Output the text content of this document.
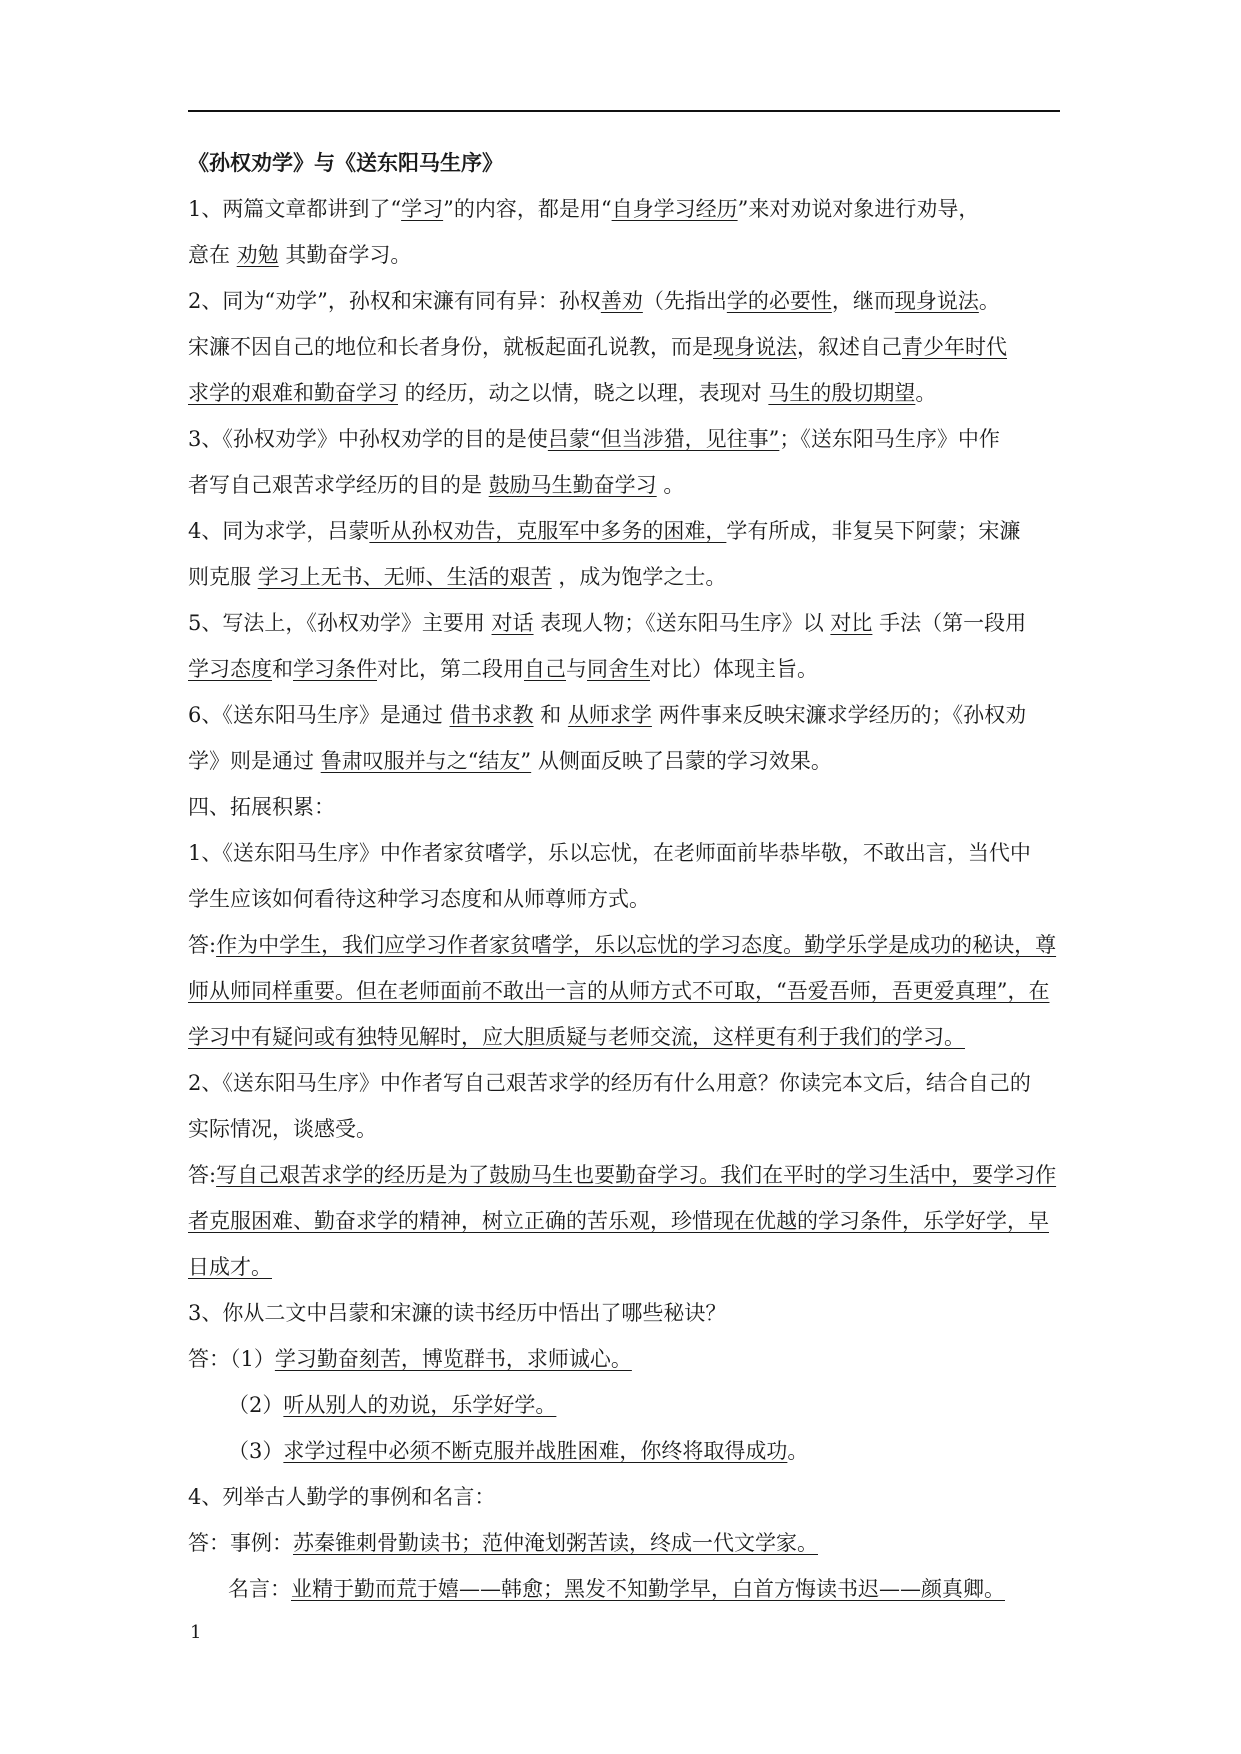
《孙权劝学》与《送东阳马生序》

1、两篇文章都讲到了“学习”的内容，都是用“自身学习经历”来对劝说对象进行劝导，

意在 劝勉 其勤奋学习。

2、同为“劝学”，孙权和宋濂有同有异：孙权善劝（先指出学的必要性，继而现身说法。

宋濂不因自己的地位和长者身份，就板起面孔说教，而是现身说法，叙述自己青少年时代

求学的艰难和勤奋学习 的经历，动之以情，晓之以理，表现对 马生的殷切期望。

3、《孙权劝学》中孙权劝学的目的是使吕蒙“但当涉猎，见往事”；《送东阳马生序》中作

者写自己艰苦求学经历的目的是 鼓励马生勤奋学习 。

4、同为求学，吕蒙听从孙权劝告，克服军中多务的困难，学有所成，非复吴下阿蒙；宋濂

则克服 学习上无书、无师、生活的艰苦 ，成为饱学之士。

5、写法上，《孙权劝学》主要用 对话 表现人物；《送东阳马生序》以 对比 手法（第一段用

学习态度和学习条件对比，第二段用自己与同舍生对比）体现主旨。

6、《送东阳马生序》是通过 借书求教 和 从师求学 两件事来反映宋濂求学经历的；《孙权劝

学》则是通过 鲁肃叹服并与之“结友” 从侧面反映了吕蒙的学习效果。

四、拓展积累：

1、《送东阳马生序》中作者家贫嗜学，乐以忘忧，在老师面前毕恭毕敬，不敢出言，当代中

学生应该如何看待这种学习态度和从师尊师方式。

答:作为中学生，我们应学习作者家贫嗜学，乐以忘忧的学习态度。勤学乐学是成功的秘诀，尊师从师同样重要。但在老师面前不敢出一言的从师方式不可取，“吾爱吾师，吾更爱真理”，在学习中有疑问或有独特见解时，应大胆质疑与老师交流，这样更有利于我们的学习。

2、《送东阳马生序》中作者写自己艰苦求学的经历有什么用意？你读完本文后，结合自己的

实际情况，谈感受。

答:写自己艰苦求学的经历是为了鼓励马生也要勤奋学习。我们在平时的学习生活中，要学习作者克服困难、勤奋求学的精神，树立正确的苦乐观，珍惜现在优越的学习条件，乐学好学，早日成才。

3、你从二文中吕蒙和宋濂的读书经历中悟出了哪些秘诀？

答：（1）学习勤奋刻苦，博览群书，求师诚心。

（2）听从别人的劝说，乐学好学。

（3）求学过程中必须不断克服并战胜困难，你终将取得成功。

4、列举古人勤学的事例和名言：

答：事例：苏秦锥刺骨勤读书；范仲淹划粥苦读，终成一代文学家。

名言：业精于勤而荒于嬉——韩愈；黑发不知勤学早，白首方悔读书迟——颜真卿。

1
